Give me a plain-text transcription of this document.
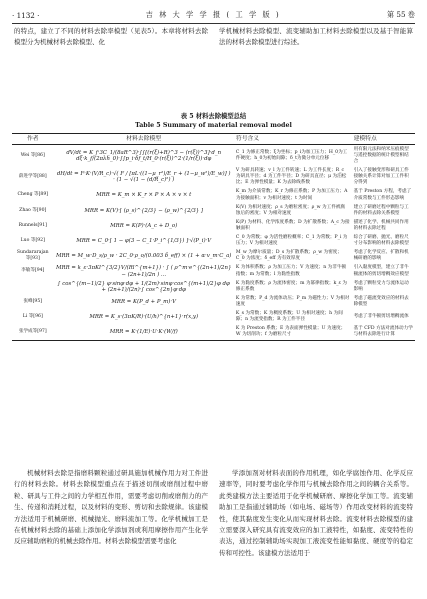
· 1132 ·	吉 林 大 学 学 报 ( 工 学 版 )	第 55 卷

的特点，建立了不同的材料去除率模型（见表5）。本章将材料去除模型分为机械材料去除模型、化

学机械材料去除模型、流变辅助加工材料去除模型以及基于智能算法的材料去除模型进行综述。

表 5 材料去除模型总结
Table 5 Summary of material removal model
作者	材料去除模型	符号含义	建模特点
Wei 等[86]	dV/dt = K_f·3C_1/(8aR^3)·∫∫[(r(ξ)+R)^3 − (r(ξ))^3]·d_n dξ·k_f/(2πλh_0)·∫∫p_i·δf_t/H_0·(r(ξ))^2·(1/r(ξ))·dφ	C_1 为修正常数；ξ为坐标；p_i为加工压力；H_0为工件硬度；h_0为初始间隙；δ_t为微分单元位移	用有限元法和纳米压痕模型与遥控数据的统计模型相结合
薛进学等[88]	dH/dt = F·K·(V/R_c)·√( F / [πL·((1−μ_r²)/E_r + (1−μ_w²)/E_w)] ) · (1 − √(1 − (d/R_c)²) )	V 为研具转速；v_l 为工件转速；L 为工件长度；R_c 为研具半径；d 为工件半径；D 为研具直径；μ 为泊松比；E 为弹性模量；K 为去除线系数	引入了接触变形和研具工件接触关系计算对加工工件积分得到
Cheng 等[89]	MRR = K_m × K_r × P × A × v × t	K_m 为介质常数；K_r 为修正系数；P 为加工压力；A 为接触面积；v 为相对速度；t 为时间	基于 Preston 方程，考虑了介质常数与工件形态影响
Zhao 等[90]	MRR = K(V)·[ (ρ_s)^{2/3} − (ρ_w)^{2/3} ]	K(V) 为相对速度；ρ_s 为磨粒密度；ρ_w 为工件被腐蚀后的密度；V 为相对速度	建立了研磨过程中颗粒与工件的材料去除关系模型
Runnels[91]	MRR = K(P)·(A_c + D_o)	K(P) 为材料、化学浓度系数；D 为扩散系数；A_c 为接触面积	描述了化学、机械共同作用的材料去除过程
Luo 等[92]	MRR = C_0·[ 1 − φ(3 − C_1·P_i^{1/3}) ]·√(P_i)·V	C_0 为常数；φ 为活性磨粒概率；C_1 为常数；P_i 为压力；V 为相对速度	综合了研磨、抛光、磨粒尺寸分布影响的材料去除模型
Sundararajan 等[93]	MRR = M_w·D_s/ρ_w · 2C_0·ρ_o/(0.003 δ_eff) × (1 + α·v_m·C_a)	M_w 为摩尔质量；D_s 为扩散系数；ρ_w 为密度；C_0 为浓度；δ_eff 为有效厚度	考虑了化学反应、扩散和机械研磨的影响
李敏等[94]	MRR = k_ε·3πKl^{3/2}V/(Rl^{m+1}) · ∫ ( ρ^m·e^{(2n+1)/2n} − (2n+1)/2n ) ...	K 为体积系数；ρ 为加工压力；V 为速度；n 为非牛顿指数；m 为常数；l 为黏性指数	引入黏度模型，建立了非牛顿流体的剪切增稠效应模型
	∫ cos^{(m−1)/2} φ·sinφ·dφ + 1/(2m)·sinφ·cos^{(m+1)/2}φ dφ + (2n+1)/(2n)·∫ cos^{2n}φ·dφ	K 为黏度系数；ρ 为流体密度；m 为幂律指数；k_ε 为修正系数	考虑了颗粒受力与流体运动影响
张峰[95]	MRR = K(P_d + P_m)·V	K 为常数；P_d 为流体动压；P_m 为磁性力；V 为相对速度	考虑了磁流变效应的材料去除模型
Li 等[96]	MRR = K_s·(3πK/R)·(U/h)^{n+1}·r(x,y)	K_s 为常数；K 为稠度系数；U 为相对速度；h 为间隙；n 为流变指数；R 为工件半径	考虑了非牛顿剪切增稠流体
张学成等[97]	MRR = K·(1/E)·U·K·(W/f)	K 为 Preston 系数；E 为表面弹性模量；U 为速度；W 为切削功；f 为磨粒尺寸	基于 CFD 方法对流体动力学与材料去除进行计算

机械材料去除是指磨料颗粒通过研具施加机械作用力对工件进行的材料去除。材料去除模型重点在于描述切削或磨削过程中磨粒、研具与工件之间的力学相互作用，需要考虑切削或磨削力的产生、传递和消耗过程，以及材料的变形、剪切和去除规律。该建模方法适用于机械研磨、机械抛光、磨料流加工等。化学机械加工是在机械材料去除的基础上添加化学添加剂或利用摩擦作用产生化学反应辅助磨粒的机械去除作用。材料去除模型需要考虑化

学添加剂对材料表面的作用机理，如化学腐蚀作用、化学反应速率等，同时要考虑化学作用与机械去除作用之间的耦合关系等。此类建模方法主要适用于化学机械研磨、摩擦化学加工等。流变辅助加工是指通过辅助场（如电场、磁场等）作用改变材料的流变特性，使其黏度发生变化从而实现材料去除。流变材料去除模型的建立需要深入研究具有流变效应的加工液特性，如黏度、流变特性的表达，通过控制辅助场实现加工液流变性能如黏度、硬度等的稳定传和可控性。该建模方法适用于
